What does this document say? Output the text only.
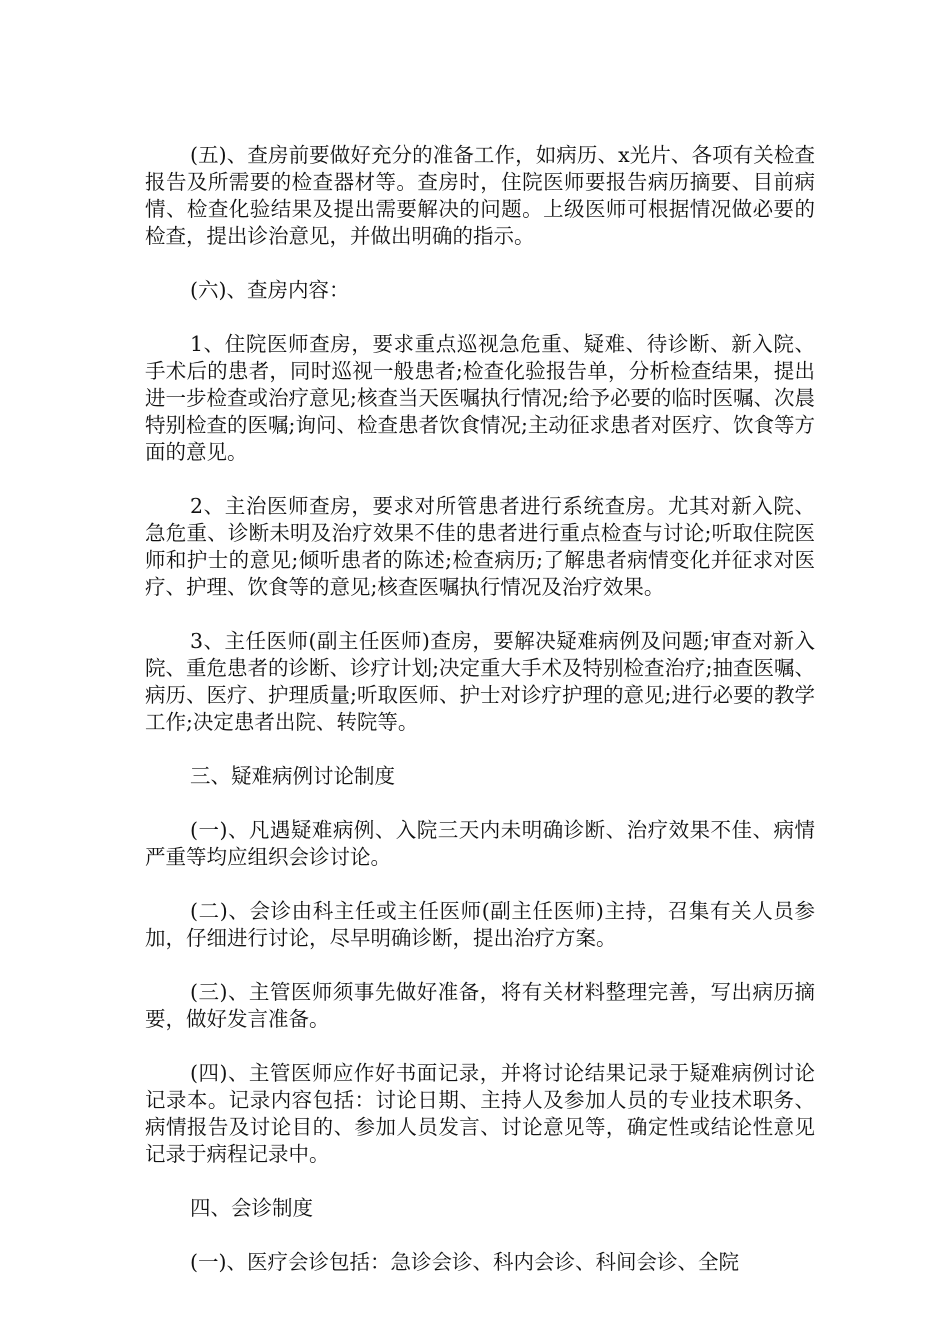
(五)、查房前要做好充分的准备工作，如病历、x光片、各项有关检查报告及所需要的检查器材等。查房时，住院医师要报告病历摘要、目前病情、检查化验结果及提出需要解决的问题。上级医师可根据情况做必要的检查，提出诊治意见，并做出明确的指示。

(六)、查房内容：

1、住院医师查房，要求重点巡视急危重、疑难、待诊断、新入院、手术后的患者，同时巡视一般患者;检查化验报告单，分析检查结果，提出进一步检查或治疗意见;核查当天医嘱执行情况;给予必要的临时医嘱、次晨特别检查的医嘱;询问、检查患者饮食情况;主动征求患者对医疗、饮食等方面的意见。

2、主治医师查房，要求对所管患者进行系统查房。尤其对新入院、急危重、诊断未明及治疗效果不佳的患者进行重点检查与讨论;听取住院医师和护士的意见;倾听患者的陈述;检查病历;了解患者病情变化并征求对医疗、护理、饮食等的意见;核查医嘱执行情况及治疗效果。

3、主任医师(副主任医师)查房，要解决疑难病例及问题;审查对新入院、重危患者的诊断、诊疗计划;决定重大手术及特别检查治疗;抽查医嘱、病历、医疗、护理质量;听取医师、护士对诊疗护理的意见;进行必要的教学工作;决定患者出院、转院等。

三、疑难病例讨论制度

(一)、凡遇疑难病例、入院三天内未明确诊断、治疗效果不佳、病情严重等均应组织会诊讨论。

(二)、会诊由科主任或主任医师(副主任医师)主持，召集有关人员参加，仔细进行讨论，尽早明确诊断，提出治疗方案。

(三)、主管医师须事先做好准备，将有关材料整理完善，写出病历摘要，做好发言准备。

(四)、主管医师应作好书面记录，并将讨论结果记录于疑难病例讨论记录本。记录内容包括：讨论日期、主持人及参加人员的专业技术职务、病情报告及讨论目的、参加人员发言、讨论意见等，确定性或结论性意见记录于病程记录中。

四、会诊制度

(一)、医疗会诊包括：急诊会诊、科内会诊、科间会诊、全院
